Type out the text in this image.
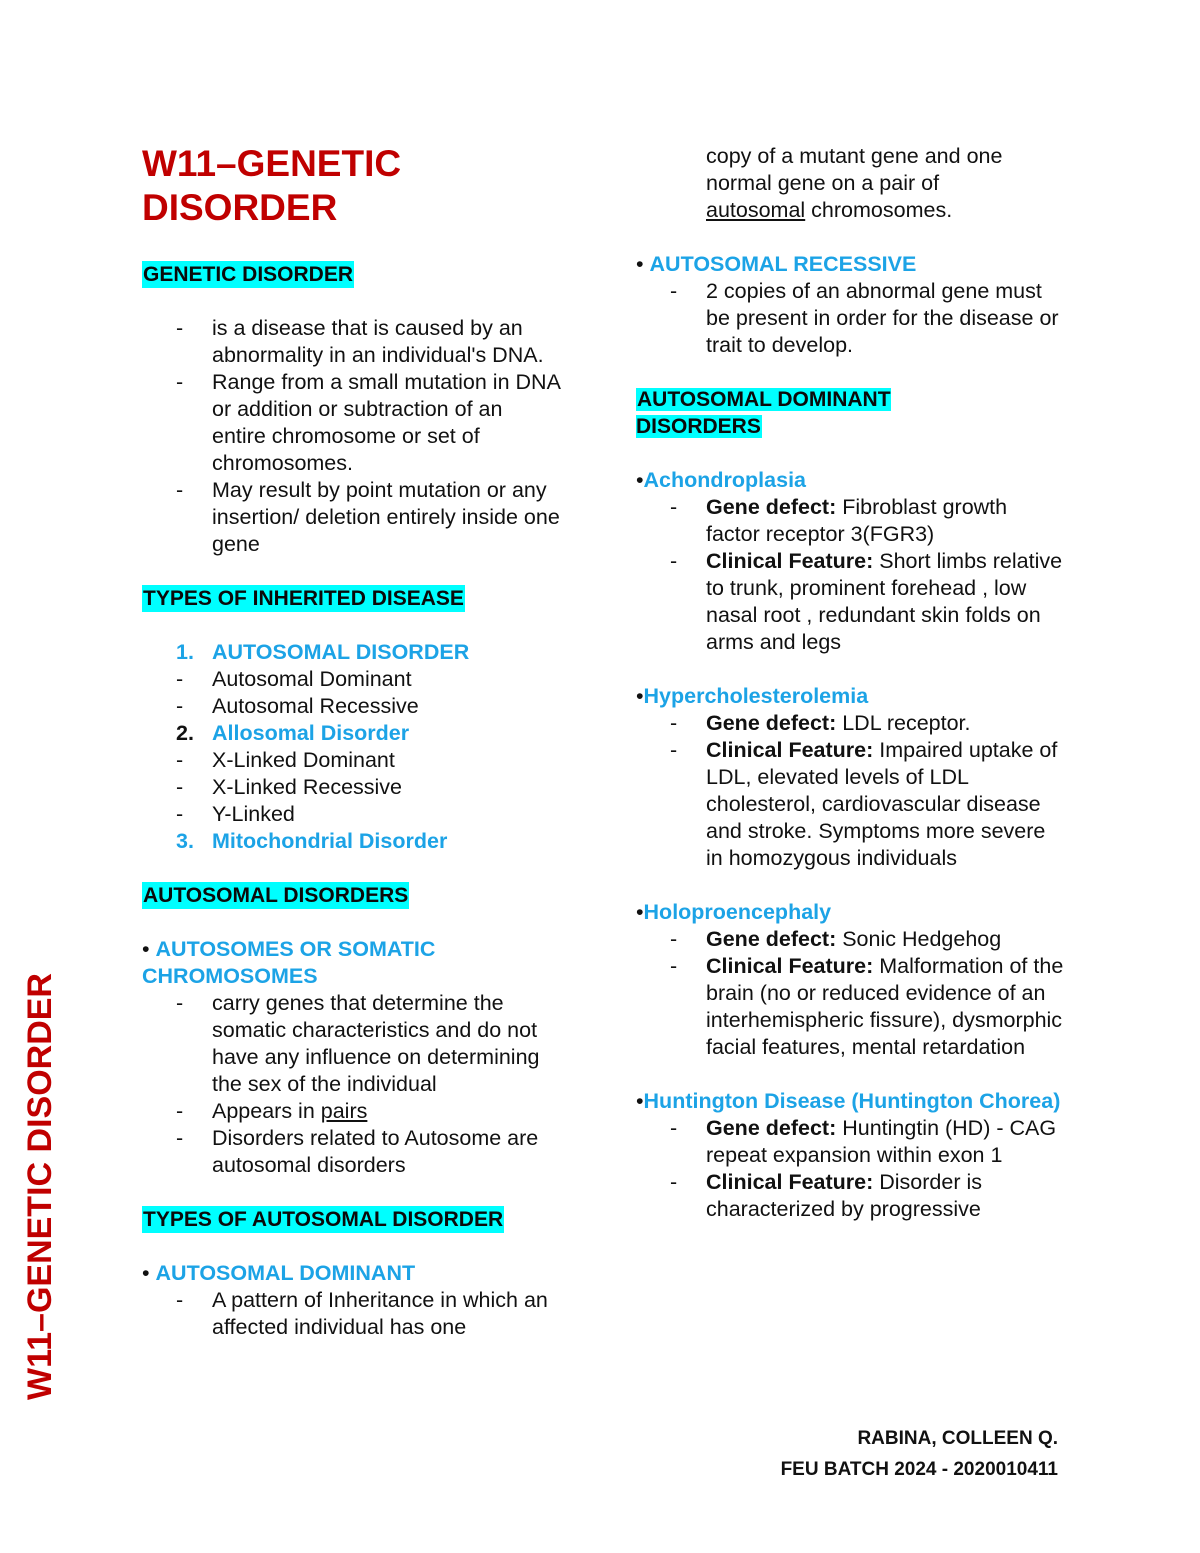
W11–GENETIC DISORDER
W11–GENETIC
DISORDER
GENETIC DISORDER
- is a disease that is caused by an abnormality in an individual's DNA.
- Range from a small mutation in DNA or addition or subtraction of an entire chromosome or set of chromosomes.
- May result by point mutation or any insertion/ deletion entirely inside one gene
TYPES OF INHERITED DISEASE
1. AUTOSOMAL DISORDER
- Autosomal Dominant
- Autosomal Recessive
2. Allosomal Disorder
- X-Linked Dominant
- X-Linked Recessive
- Y-Linked
3. Mitochondrial Disorder
AUTOSOMAL DISORDERS
• AUTOSOMES OR SOMATIC CHROMOSOMES
- carry genes that determine the somatic characteristics and do not have any influence on determining the sex of the individual
- Appears in pairs
- Disorders related to Autosome are autosomal disorders
TYPES OF AUTOSOMAL DISORDER
• AUTOSOMAL DOMINANT
- A pattern of Inheritance in which an affected individual has one
copy of a mutant gene and one
normal gene on a pair of
autosomal chromosomes.
• AUTOSOMAL RECESSIVE
- 2 copies of an abnormal gene must be present in order for the disease or trait to develop.
AUTOSOMAL DOMINANT DISORDERS
•Achondroplasia
- Gene defect: Fibroblast growth factor receptor 3(FGR3)
- Clinical Feature: Short limbs relative to trunk, prominent forehead , low nasal root , redundant skin folds on arms and legs
•Hypercholesterolemia
- Gene defect: LDL receptor.
- Clinical Feature: Impaired uptake of LDL, elevated levels of LDL cholesterol, cardiovascular disease and stroke. Symptoms more severe in homozygous individuals
•Holoproencephaly
- Gene defect: Sonic Hedgehog
- Clinical Feature: Malformation of the brain (no or reduced evidence of an interhemispheric fissure), dysmorphic facial features, mental retardation
•Huntington Disease (Huntington Chorea)
- Gene defect: Huntingtin (HD) - CAG repeat expansion within exon 1
- Clinical Feature: Disorder is characterized by progressive
RABINA, COLLEEN Q.
FEU BATCH 2024 - 2020010411
